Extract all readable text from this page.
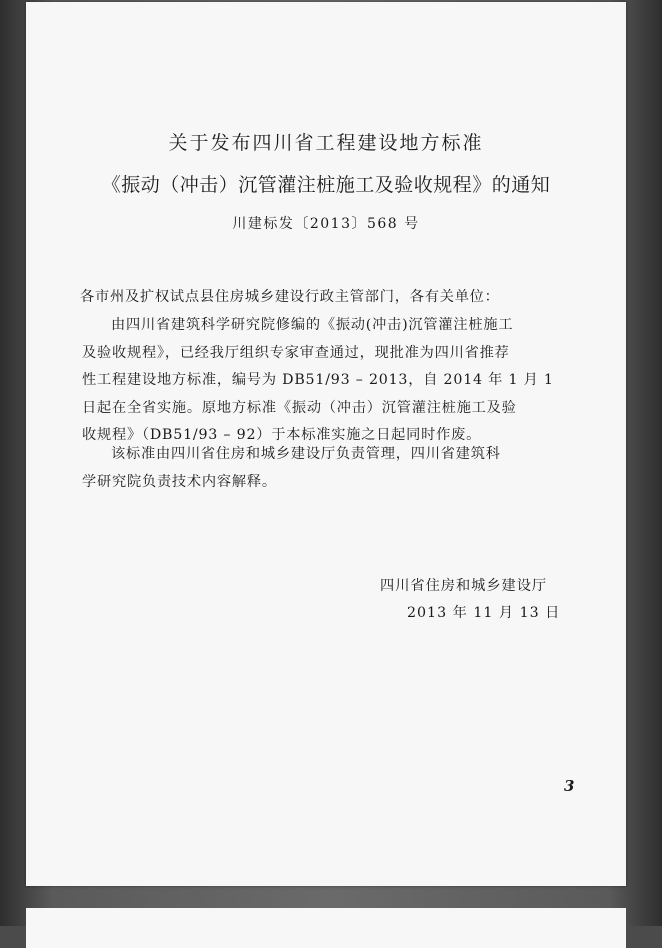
关于发布四川省工程建设地方标准
《振动（冲击）沉管灌注桩施工及验收规程》的通知
川建标发〔2013〕568 号
各市州及扩权试点县住房城乡建设行政主管部门，各有关单位：
由四川省建筑科学研究院修编的《振动(冲击)沉管灌注桩施工
及验收规程》，已经我厅组织专家审查通过，现批准为四川省推荐
性工程建设地方标准，编号为 DB51/93 – 2013，自 2014 年 1 月 1
日起在全省实施。原地方标准《振动（冲击）沉管灌注桩施工及验
收规程》（DB51/93 – 92）于本标准实施之日起同时作废。
该标准由四川省住房和城乡建设厅负责管理，四川省建筑科
学研究院负责技术内容解释。
四川省住房和城乡建设厅
2013 年 11 月 13 日
3
